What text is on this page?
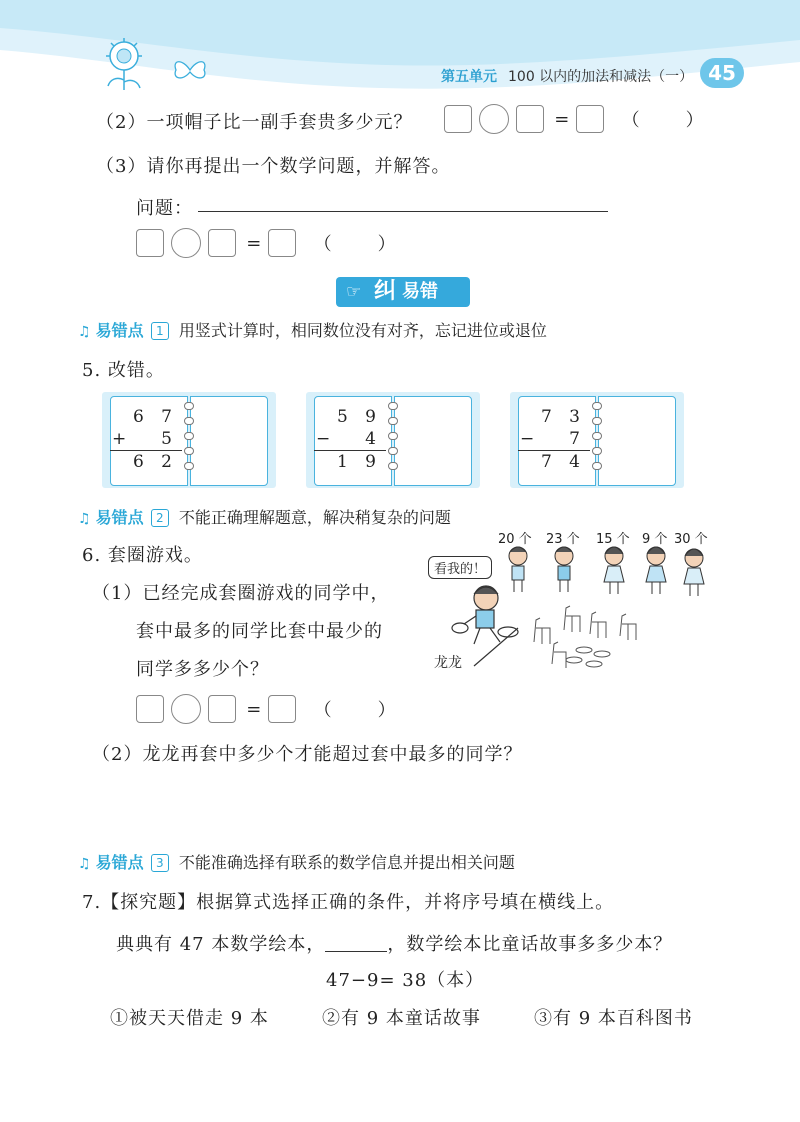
第五单元 100 以内的加法和减法（一） 45
（2）一项帽子比一副手套贵多少元？	=	（	）
（3）请你再提出一个数学问题，并解答。
问题：
=	（	）
☞ 纠 易错
♫ 易错点 1 用竖式计算时，相同数位没有对齐，忘记进位或退位
5. 改错。
6 7
+ 5
6 2
5 9
− 4
1 9
7 3
− 7
7 4
♫ 易错点 2 不能正确理解题意，解决稍复杂的问题
6. 套圈游戏。
（1）已经完成套圈游戏的同学中，
套中最多的同学比套中最少的
同学多多少个？
=	（	）
（2）龙龙再套中多少个才能超过套中最多的同学？
20 个 23 个 15 个 9 个 30 个
看我的！
龙龙
♫ 易错点 3 不能准确选择有联系的数学信息并提出相关问题
7.【探究题】根据算式选择正确的条件，并将序号填在横线上。
典典有 47 本数学绘本，	，数学绘本比童话故事多多少本？
47−9= 38（本）
①被天天借走 9 本	②有 9 本童话故事	③有 9 本百科图书
